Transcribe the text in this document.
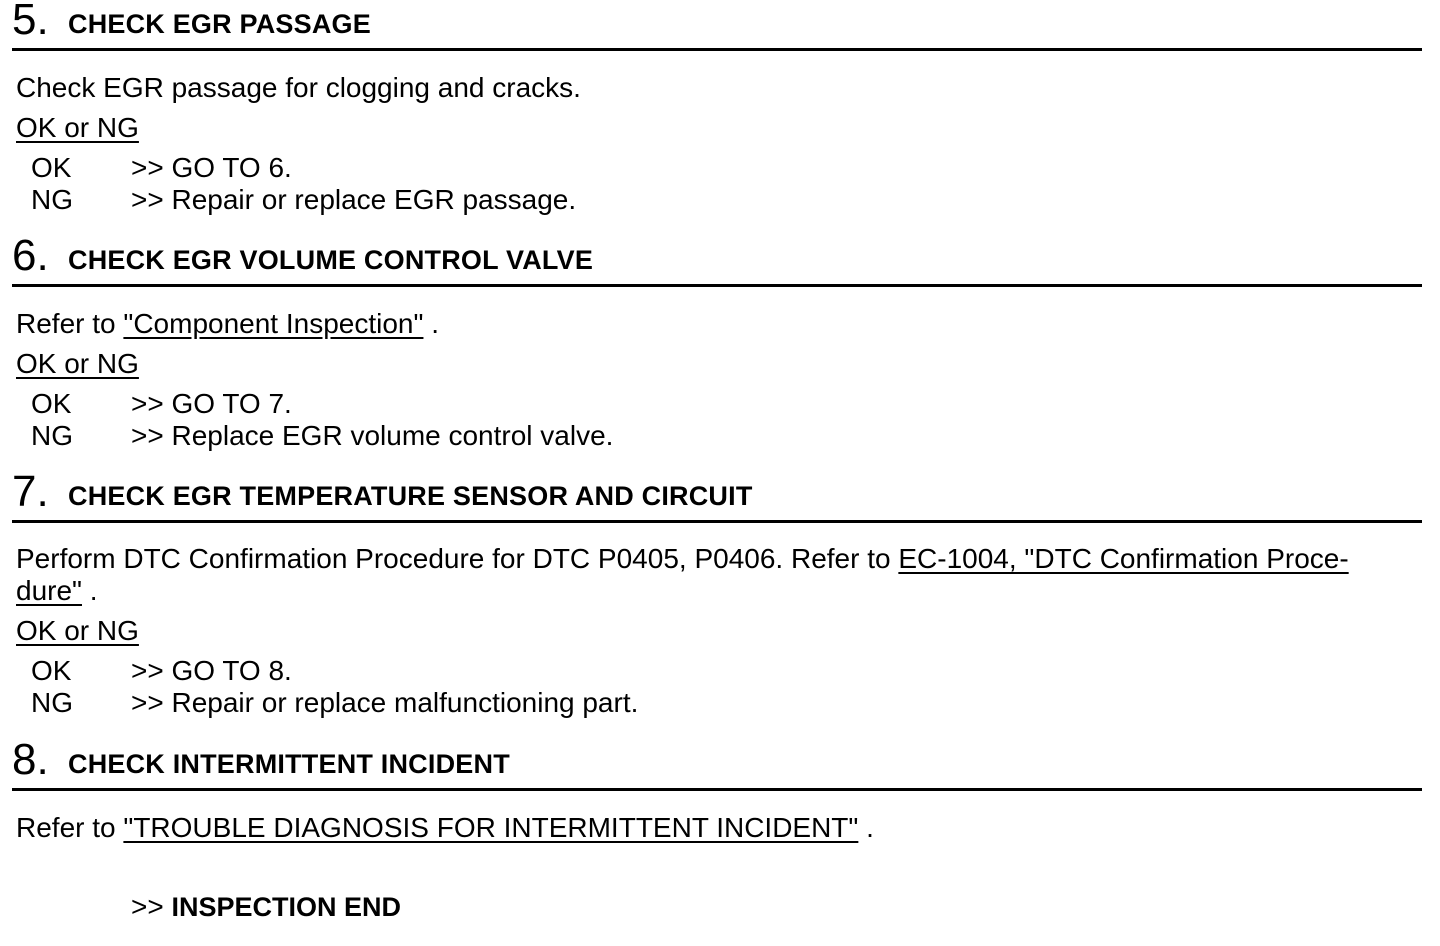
5. CHECK EGR PASSAGE
Check EGR passage for clogging and cracks.
OK or NG
OK >> GO TO 6.
NG >> Repair or replace EGR passage.
6. CHECK EGR VOLUME CONTROL VALVE
Refer to "Component Inspection" .
OK or NG
OK >> GO TO 7.
NG >> Replace EGR volume control valve.
7. CHECK EGR TEMPERATURE SENSOR AND CIRCUIT
Perform DTC Confirmation Procedure for DTC P0405, P0406. Refer to EC-1004, "DTC Confirmation Proce-
dure" .
OK or NG
OK >> GO TO 8.
NG >> Repair or replace malfunctioning part.
8. CHECK INTERMITTENT INCIDENT
Refer to "TROUBLE DIAGNOSIS FOR INTERMITTENT INCIDENT" .
>> INSPECTION END
